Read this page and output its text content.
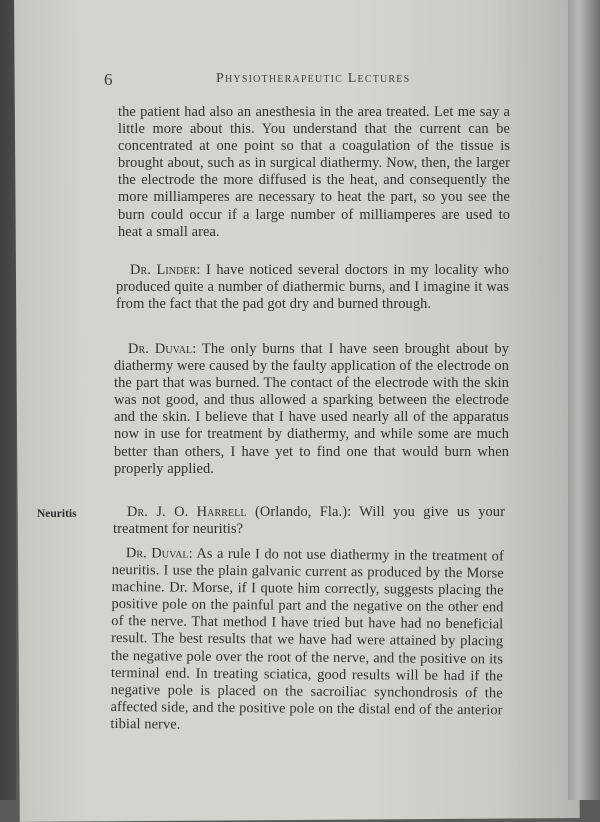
6	Physiotherapeutic Lectures
Neuritis

the patient had also an anesthesia in the area treated. Let me say a little more about this. You understand that the current can be concentrated at one point so that a coagulation of the tissue is brought about, such as in surgical diathermy. Now, then, the larger the electrode the more diffused is the heat, and consequently the more milliamperes are necessary to heat the part, so you see the burn could occur if a large number of milliamperes are used to heat a small area.

Dr. Linder: I have noticed several doctors in my locality who produced quite a number of diathermic burns, and I imagine it was from the fact that the pad got dry and burned through.

Dr. Duval: The only burns that I have seen brought about by diathermy were caused by the faulty application of the electrode on the part that was burned. The contact of the electrode with the skin was not good, and thus allowed a sparking between the electrode and the skin. I believe that I have used nearly all of the apparatus now in use for treatment by diathermy, and while some are much better than others, I have yet to find one that would burn when properly applied.

Dr. J. O. Harrell (Orlando, Fla.): Will you give us your treatment for neuritis?

Dr. Duval: As a rule I do not use diathermy in the treatment of neuritis. I use the plain galvanic current as produced by the Morse machine. Dr. Morse, if I quote him correctly, suggests placing the positive pole on the painful part and the negative on the other end of the nerve. That method I have tried but have had no beneficial result. The best results that we have had were attained by placing the negative pole over the root of the nerve, and the positive on its terminal end. In treating sciatica, good results will be had if the negative pole is placed on the sacroiliac synchondrosis of the affected side, and the positive pole on the distal end of the anterior tibial nerve.
